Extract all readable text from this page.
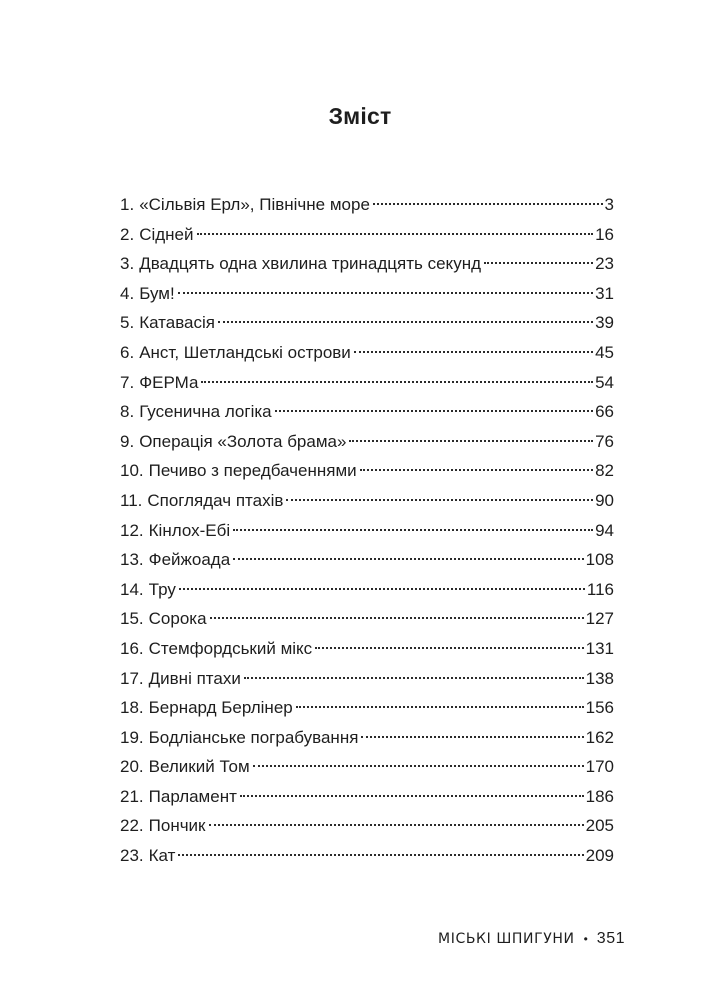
Зміст
1. «Сільвія Ерл», Північне море	3
2. Сідней	16
3. Двадцять одна хвилина тринадцять секунд	23
4. Бум!	31
5. Катавасія	39
6. Анст, Шетландські острови	45
7. ФЕРМа	54
8. Гусенична логіка	66
9. Операція «Золота брама»	76
10. Печиво з передбаченнями	82
11. Споглядач птахів	90
12. Кінлох-Ебі	94
13. Фейжоада	108
14. Тру	116
15. Сорока	127
16. Стемфордський мікс	131
17. Дивні птахи	138
18. Бернард Берлінер	156
19. Бодліанське пограбування	162
20. Великий Том	170
21. Парламент	186
22. Пончик	205
23. Кат	209
МІСЬКІ ШПИГУНИ • 351
